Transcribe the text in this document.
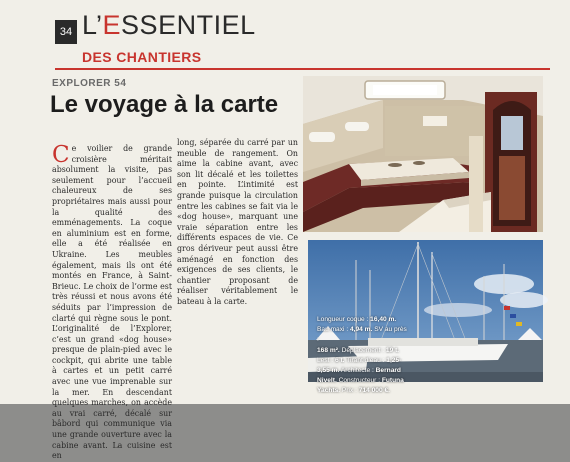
34 L’ESSENTIEL
DES CHANTIERS
EXPLORER 54
Le voyage à la carte

Ce voilier de grande croisière méritait absolument la visite, pas seulement pour l’accueil chaleureux de ses propriétaires mais aussi pour la qualité des emménagements. La coque en aluminium est en forme, elle a été réalisée en Ukraine. Les meubles également, mais ils ont été montés en France, à Saint-Brieuc. Le choix de l’orme est très réussi et nous avons été séduits par l’impression de clarté qui règne sous le pont. L’originalité de l’Explorer, c’est un grand «dog house» presque de plain-pied avec le cockpit, qui abrite une table à cartes et un petit carré avec une vue imprenable sur la mer. En descendant quelques marches, on accède au vrai carré, décalé sur bâbord qui communique via une grande ouverture avec la cabine avant. La cuisine est en

long, séparée du carré par un meuble de rangement. On aime la cabine avant, avec son lit décalé et les toilettes en pointe. L’intimité est grande puisque la circulation entre les cabines se fait via le «dog house», marquant une vraie séparation entre les différents espaces de vie. Ce gros dériveur peut aussi être aménagé en fonction des exigences de ses clients, le chantier proposant de réaliser véritablement le bateau à la carte.

Longueur coque : 16,40 m.
Bau maxi : 4,94 m. SV au près :
168 m². Déplacement : 19 t.
Lest : 6 t. Tirant d’eau : 1,25-
3,55 m. Architecte : Bernard
Nivelt. Constructeur : Futuna
Yachts. Prix : 714 000 €.
